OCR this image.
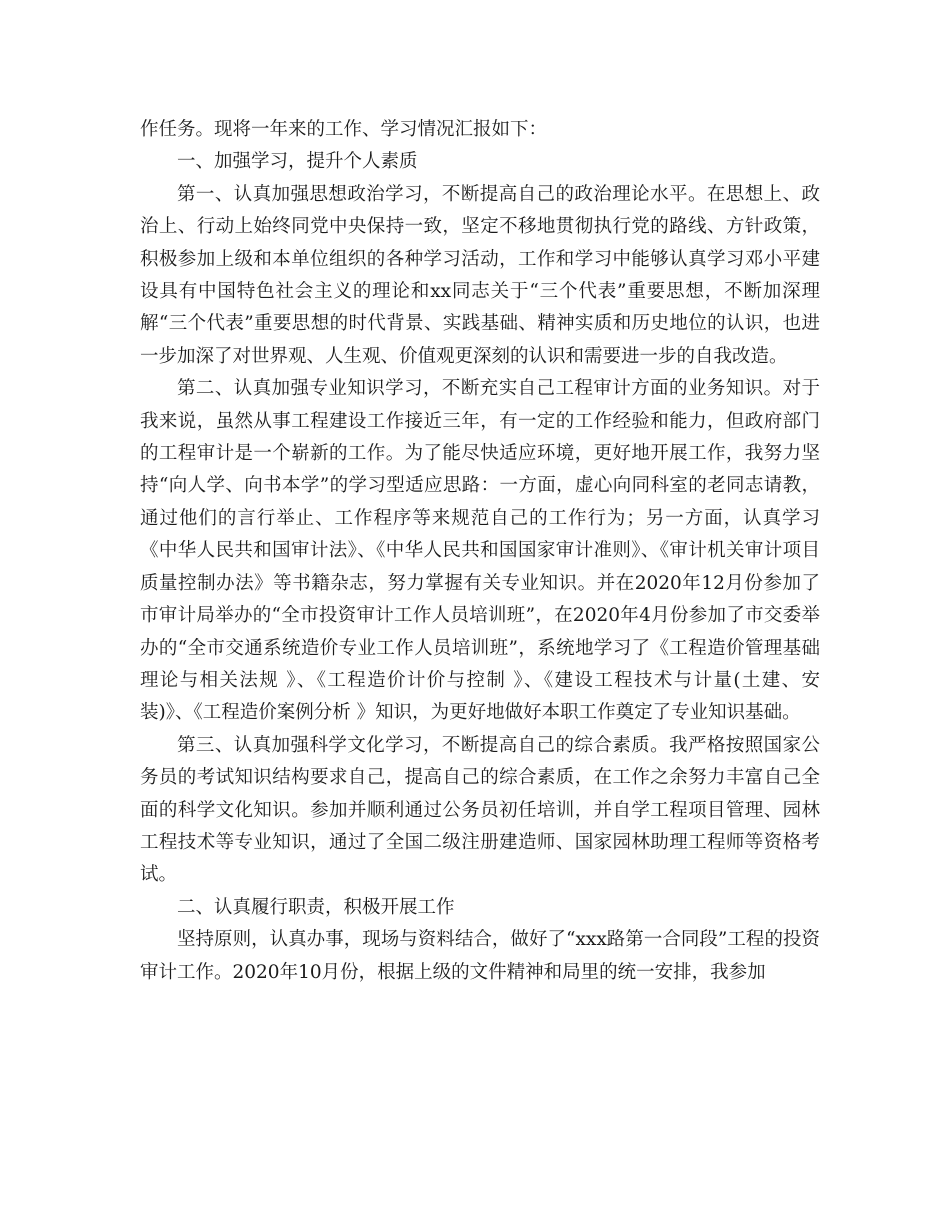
作任务。现将一年来的工作、学习情况汇报如下：

一、加强学习，提升个人素质

第一、认真加强思想政治学习，不断提高自己的政治理论水平。在思想上、政治上、行动上始终同党中央保持一致，坚定不移地贯彻执行党的路线、方针政策，积极参加上级和本单位组织的各种学习活动，工作和学习中能够认真学习邓小平建设具有中国特色社会主义的理论和xx同志关于“三个代表”重要思想，不断加深理解“三个代表”重要思想的时代背景、实践基础、精神实质和历史地位的认识，也进一步加深了对世界观、人生观、价值观更深刻的认识和需要进一步的自我改造。

第二、认真加强专业知识学习，不断充实自己工程审计方面的业务知识。对于我来说，虽然从事工程建设工作接近三年，有一定的工作经验和能力，但政府部门的工程审计是一个崭新的工作。为了能尽快适应环境，更好地开展工作，我努力坚持“向人学、向书本学”的学习型适应思路：一方面，虚心向同科室的老同志请教，通过他们的言行举止、工作程序等来规范自己的工作行为；另一方面，认真学习《中华人民共和国审计法》、《中华人民共和国国家审计准则》、《审计机关审计项目质量控制办法》等书籍杂志，努力掌握有关专业知识。并在2020年12月份参加了市审计局举办的“全市投资审计工作人员培训班”，在2020年4月份参加了市交委举办的“全市交通系统造价专业工作人员培训班”，系统地学习了《工程造价管理基础理论与相关法规 》、《工程造价计价与控制 》、《建设工程技术与计量(土建、安装)》、《工程造价案例分析 》知识，为更好地做好本职工作奠定了专业知识基础。

第三、认真加强科学文化学习，不断提高自己的综合素质。我严格按照国家公务员的考试知识结构要求自己，提高自己的综合素质，在工作之余努力丰富自己全面的科学文化知识。参加并顺利通过公务员初任培训，并自学工程项目管理、园林工程技术等专业知识，通过了全国二级注册建造师、国家园林助理工程师等资格考试。

二、认真履行职责，积极开展工作

坚持原则，认真办事，现场与资料结合，做好了“xxx路第一合同段”工程的投资审计工作。2020年10月份，根据上级的文件精神和局里的统一安排，我参加
